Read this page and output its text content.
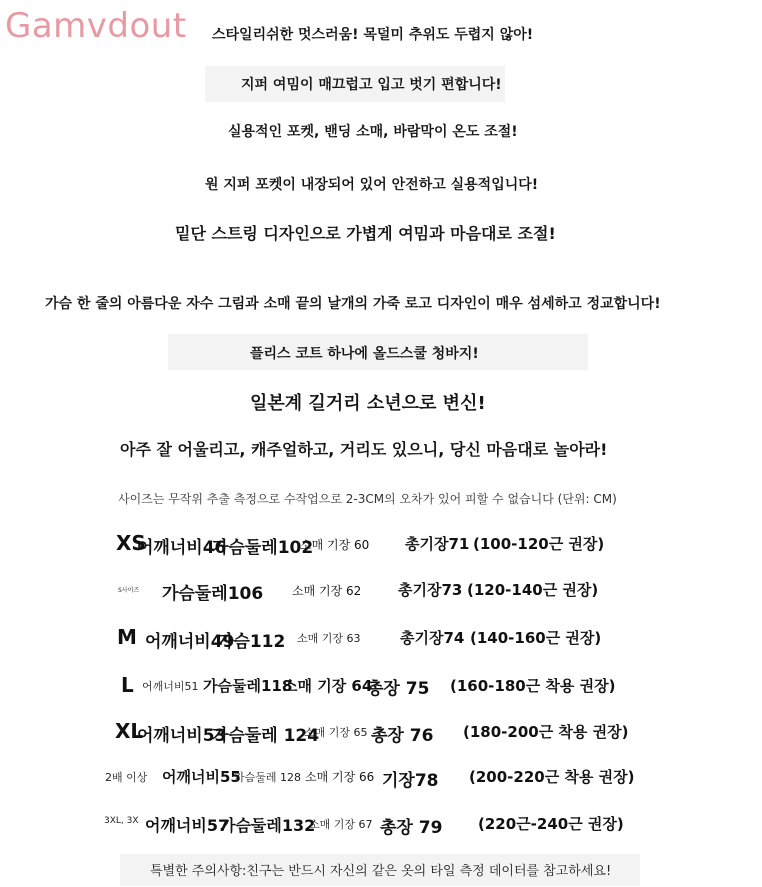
Gamvdout 스타일리쉬한 멋스러움! 목덜미 추위도 두렵지 않아!
지퍼 여밈이 매끄럽고 입고 벗기 편합니다!
실용적인 포켓, 밴딩 소매, 바람막이 온도 조절!
원 지퍼 포켓이 내장되어 있어 안전하고 실용적입니다!
밑단 스트링 디자인으로 가볍게 여밈과 마음대로 조절!
가슴 한 줄의 아름다운 자수 그림과 소매 끝의 날개의 가죽 로고 디자인이 매우 섬세하고 정교합니다!
플리스 코트 하나에 올드스쿨 청바지!
일본계 길거리 소년으로 변신!
아주 잘 어울리고, 캐주얼하고, 거리도 있으니, 당신 마음대로 놀아라!
사이즈는 무작위 추출 측정으로 수작업으로 2-3CM의 오차가 있어 피할 수 없습니다 (단위: CM)
XS
어깨너비46
가슴둘레102
소매 기장 60 총기장71 (100-120근 권장)
S사이즈 가슴둘레106 소매 기장 62 총기장73 (120-140근 권장)
M 어깨너비49
가슴112 소매 기장 63	총기장74 (140-160근 권장)
L 어깨너비51 가슴둘레118
소매 기장 64
총장 75 (160-180근 착용 권장)
XL
어깨너비53
가슴둘레 124
소매 기장 65 총장 76 (180-200근 착용 권장)
2배 이상 어깨너비55
가슴둘레 128 소매 기장 66 기장78 (200-220근 착용 권장)
3XL, 3X 어깨너비57
가슴둘레132
소매 기장 67 총장 79 (220근-240근 권장)
특별한 주의사항:친구는 반드시 자신의 같은 옷의 타일 측정 데이터를 참고하세요!
